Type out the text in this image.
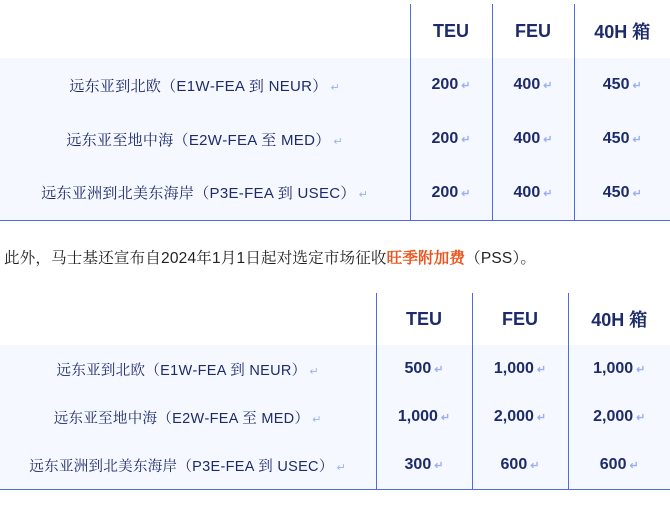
	TEU	FEU	40H 箱
远东亚到北欧（E1W‑FEA 到 NEUR） ↵	200 ↵	400 ↵	450 ↵
远东亚至地中海（E2W‑FEA 至 MED） ↵	200 ↵	400 ↵	450 ↵
远东亚洲到北美东海岸（P3E‑FEA 到 USEC） ↵	200 ↵	400 ↵	450 ↵
此外，马士基还宣布自2024年1月1日起对选定市场征收旺季附加费（PSS）。
	TEU	FEU	40H 箱
远东亚到北欧（E1W‑FEA 到 NEUR） ↵	500 ↵	1,000 ↵	1,000 ↵
远东亚至地中海（E2W‑FEA 至 MED） ↵	1,000 ↵	2,000 ↵	2,000 ↵
远东亚洲到北美东海岸（P3E‑FEA 到 USEC） ↵	300 ↵	600 ↵	600 ↵
